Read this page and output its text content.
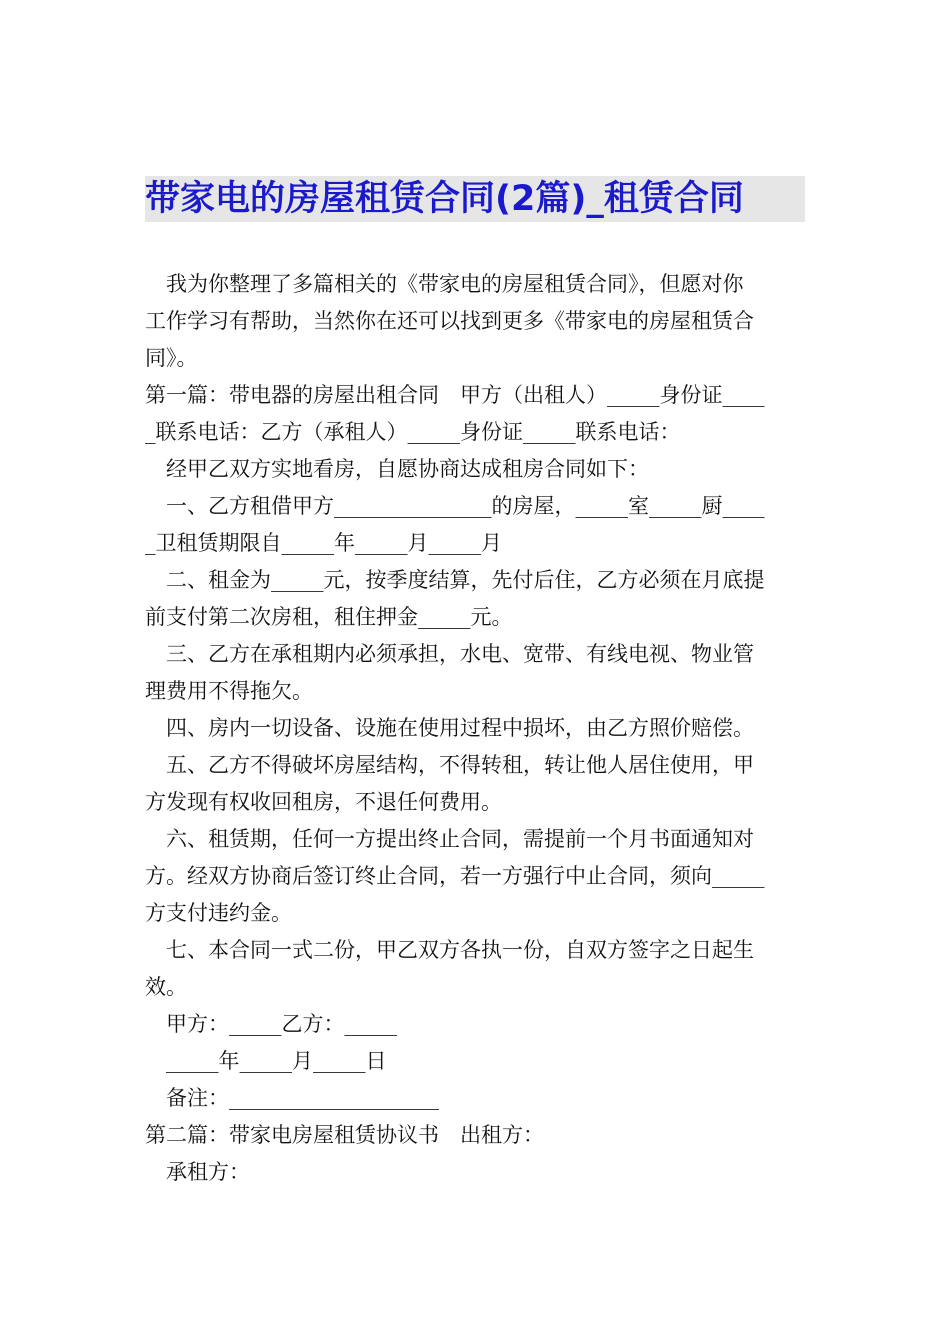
带家电的房屋租赁合同(2篇)_租赁合同
我为你整理了多篇相关的《带家电的房屋租赁合同》，但愿对你
工作学习有帮助，当然你在还可以找到更多《带家电的房屋租赁合
同》。
第一篇：带电器的房屋出租合同　甲方（出租人）_____身份证____
_联系电话：乙方（承租人）_____身份证_____联系电话：
经甲乙双方实地看房，自愿协商达成租房合同如下：
一、乙方租借甲方_______________的房屋，_____室_____厨____
_卫租赁期限自_____年_____月_____月
二、租金为_____元，按季度结算，先付后住，乙方必须在月底提
前支付第二次房租，租住押金_____元。
三、乙方在承租期内必须承担，水电、宽带、有线电视、物业管
理费用不得拖欠。
四、房内一切设备、设施在使用过程中损坏，由乙方照价赔偿。
五、乙方不得破坏房屋结构，不得转租，转让他人居住使用，甲
方发现有权收回租房，不退任何费用。
六、租赁期，任何一方提出终止合同，需提前一个月书面通知对
方。经双方协商后签订终止合同，若一方强行中止合同，须向_____
方支付违约金。
七、本合同一式二份，甲乙双方各执一份，自双方签字之日起生
效。
甲方：_____乙方：_____
_____年_____月_____日
备注：____________________
第二篇：带家电房屋租赁协议书　出租方：
承租方：
